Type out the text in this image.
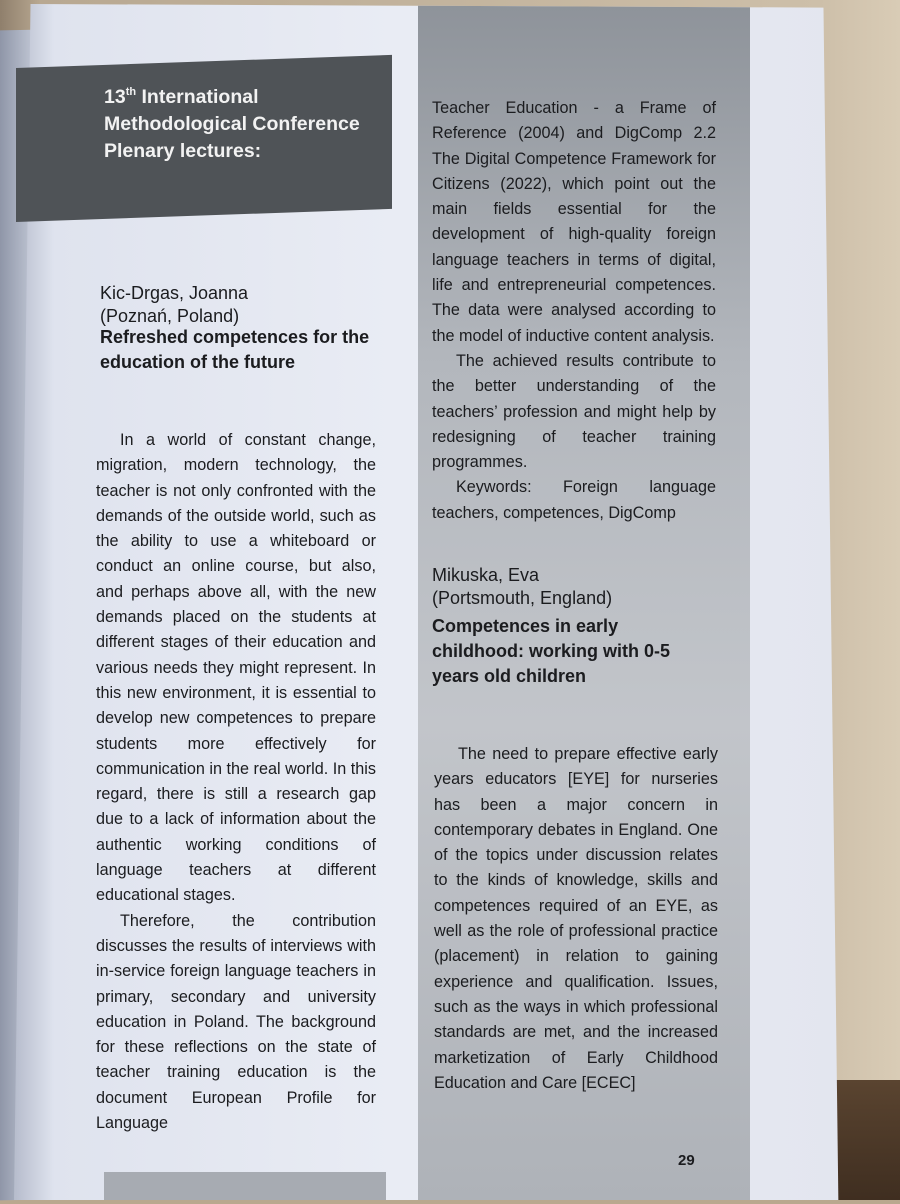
13th International
Methodological Conference
Plenary lectures:
Kic-Drgas, Joanna
(Poznań, Poland)
Refreshed competences for the
education of the future

In a world of constant change, migration, modern technology, the teacher is not only confronted with the demands of the outside world, such as the ability to use a whiteboard or conduct an online course, but also, and perhaps above all, with the new demands placed on the students at different stages of their education and various needs they might represent. In this new environment, it is essential to develop new competences to prepare students more effectively for communication in the real world. In this regard, there is still a research gap due to a lack of information about the authentic working conditions of language teachers at different educational stages.

Therefore, the contribution discusses the results of interviews with in-service foreign language teachers in primary, secondary and university education in Poland. The background for these reflections on the state of teacher training education is the document European Profile for Language

Teacher Education - a Frame of Reference (2004) and DigComp 2.2 The Digital Competence Framework for Citizens (2022), which point out the main fields essential for the development of high-quality foreign language teachers in terms of digital, life and entrepreneurial competences. The data were analysed according to the model of inductive content analysis.

The achieved results contribute to the better understanding of the teachers’ profession and might help by redesigning of teacher training programmes.

Keywords: Foreign language teachers, competences, DigComp

Mikuska, Eva
(Portsmouth, England)
Competences in early
childhood: working with 0-5
years old children

The need to prepare effective early years educators [EYE] for nurseries has been a major concern in contemporary debates in England. One of the topics under discussion relates to the kinds of knowledge, skills and competences required of an EYE, as well as the role of professional practice (placement) in relation to gaining experience and qualification. Issues, such as the ways in which professional standards are met, and the increased marketization of Early Childhood Education and Care [ECEC]

29
